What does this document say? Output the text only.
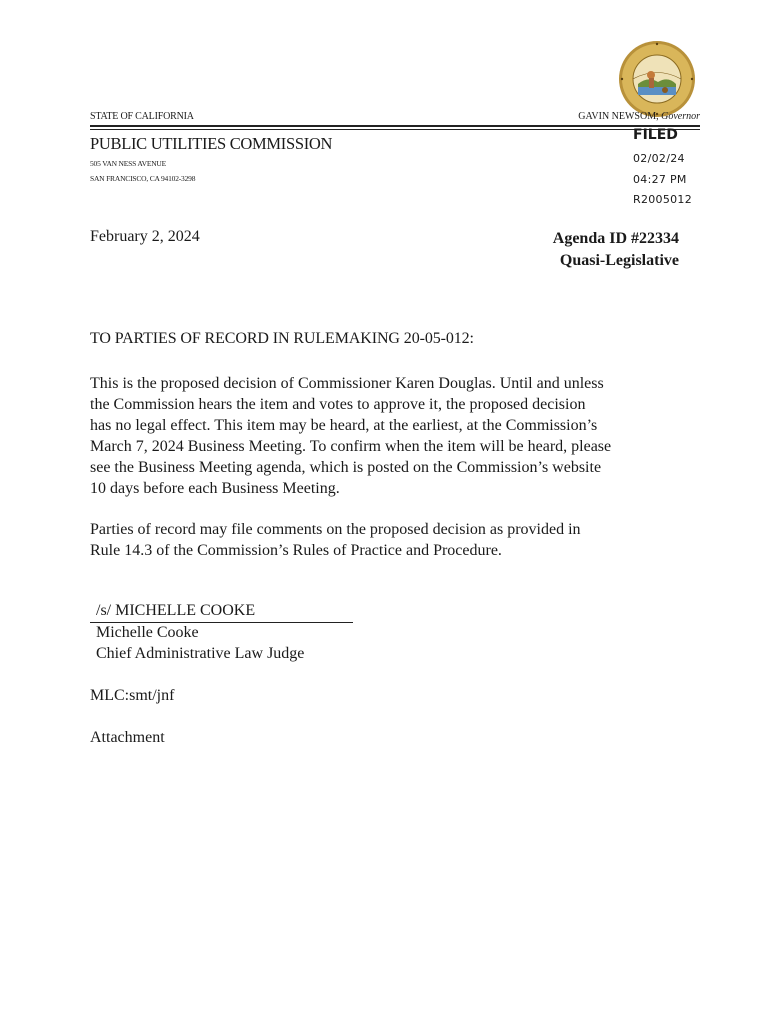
STATE OF CALIFORNIA	GAVIN NEWSOM, Governor
PUBLIC UTILITIES COMMISSION
505 VAN NESS AVENUE
SAN FRANCISCO, CA 94102-3298

FILED

02/02/24

04:27 PM

R2005012

February 2, 2024	Agenda ID #22334
Quasi-Legislative
TO PARTIES OF RECORD IN RULEMAKING 20-05-012:

This is the proposed decision of Commissioner Karen Douglas. Until and unless
the Commission hears the item and votes to approve it, the proposed decision
has no legal effect. This item may be heard, at the earliest, at the Commission’s
March 7, 2024 Business Meeting. To confirm when the item will be heard, please
see the Business Meeting agenda, which is posted on the Commission’s website
10 days before each Business Meeting.

Parties of record may file comments on the proposed decision as provided in
Rule 14.3 of the Commission’s Rules of Practice and Procedure.

/s/ MICHELLE COOKE
Michelle Cooke
Chief Administrative Law Judge
MLC:smt/jnf
Attachment
